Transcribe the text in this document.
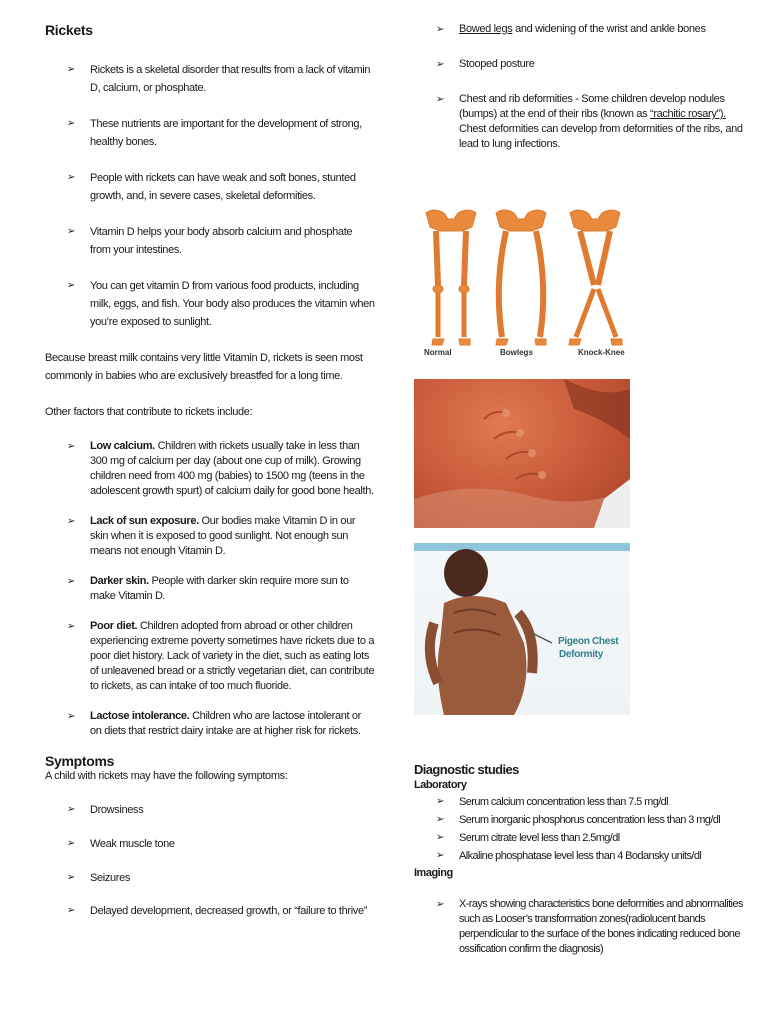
Rickets
➢ Rickets is a skeletal disorder that results from a lack of vitamin D, calcium, or phosphate.
➢ These nutrients are important for the development of strong, healthy bones.
➢ People with rickets can have weak and soft bones, stunted growth, and, in severe cases, skeletal deformities.
➢ Vitamin D helps your body absorb calcium and phosphate from your intestines.
➢ You can get vitamin D from various food products, including milk, eggs, and fish. Your body also produces the vitamin when you’re exposed to sunlight.

Because breast milk contains very little Vitamin D, rickets is seen most commonly in babies who are exclusively breastfed for a long time.

Other factors that contribute to rickets include:

➢ Low calcium. Children with rickets usually take in less than 300 mg of calcium per day (about one cup of milk). Growing children need from 400 mg (babies) to 1500 mg (teens in the adolescent growth spurt) of calcium daily for good bone health.
➢ Lack of sun exposure. Our bodies make Vitamin D in our skin when it is exposed to good sunlight. Not enough sun means not enough Vitamin D.
➢ Darker skin. People with darker skin require more sun to make Vitamin D.
➢ Poor diet. Children adopted from abroad or other children experiencing extreme poverty sometimes have rickets due to a poor diet history. Lack of variety in the diet, such as eating lots of unleavened bread or a strictly vegetarian diet, can contribute to rickets, as can intake of too much fluoride.
➢ Lactose intolerance. Children who are lactose intolerant or on diets that restrict dairy intake are at higher risk for rickets.
Symptoms

A child with rickets may have the following symptoms:

➢ Drowsiness
➢ Weak muscle tone
➢ Seizures
➢ Delayed development, decreased growth, or “failure to thrive”
➢ Bowed legs and widening of the wrist and ankle bones
➢ Stooped posture
➢ Chest and rib deformities - Some children develop nodules (bumps) at the end of their ribs (known as “rachitic rosary”). Chest deformities can develop from deformities of the ribs, and lead to lung infections.
Normal	Bowlegs	Knock-Knee
Pigeon Chest
Deformity
Diagnostic studies

Laboratory

➢ Serum calcium concentration less than 7.5 mg/dl
➢ Serum inorganic phosphorus concentration less than 3 mg/dl
➢ Serum citrate level less than 2.5mg/dl
➢ Alkaline phosphatase level less than 4 Bodansky units/dl

Imaging

➢ X-rays showing characteristics bone deformities and abnormalities such as Looser’s transformation zones(radiolucent bands perpendicular to the surface of the bones indicating reduced bone ossification confirm the diagnosis)
